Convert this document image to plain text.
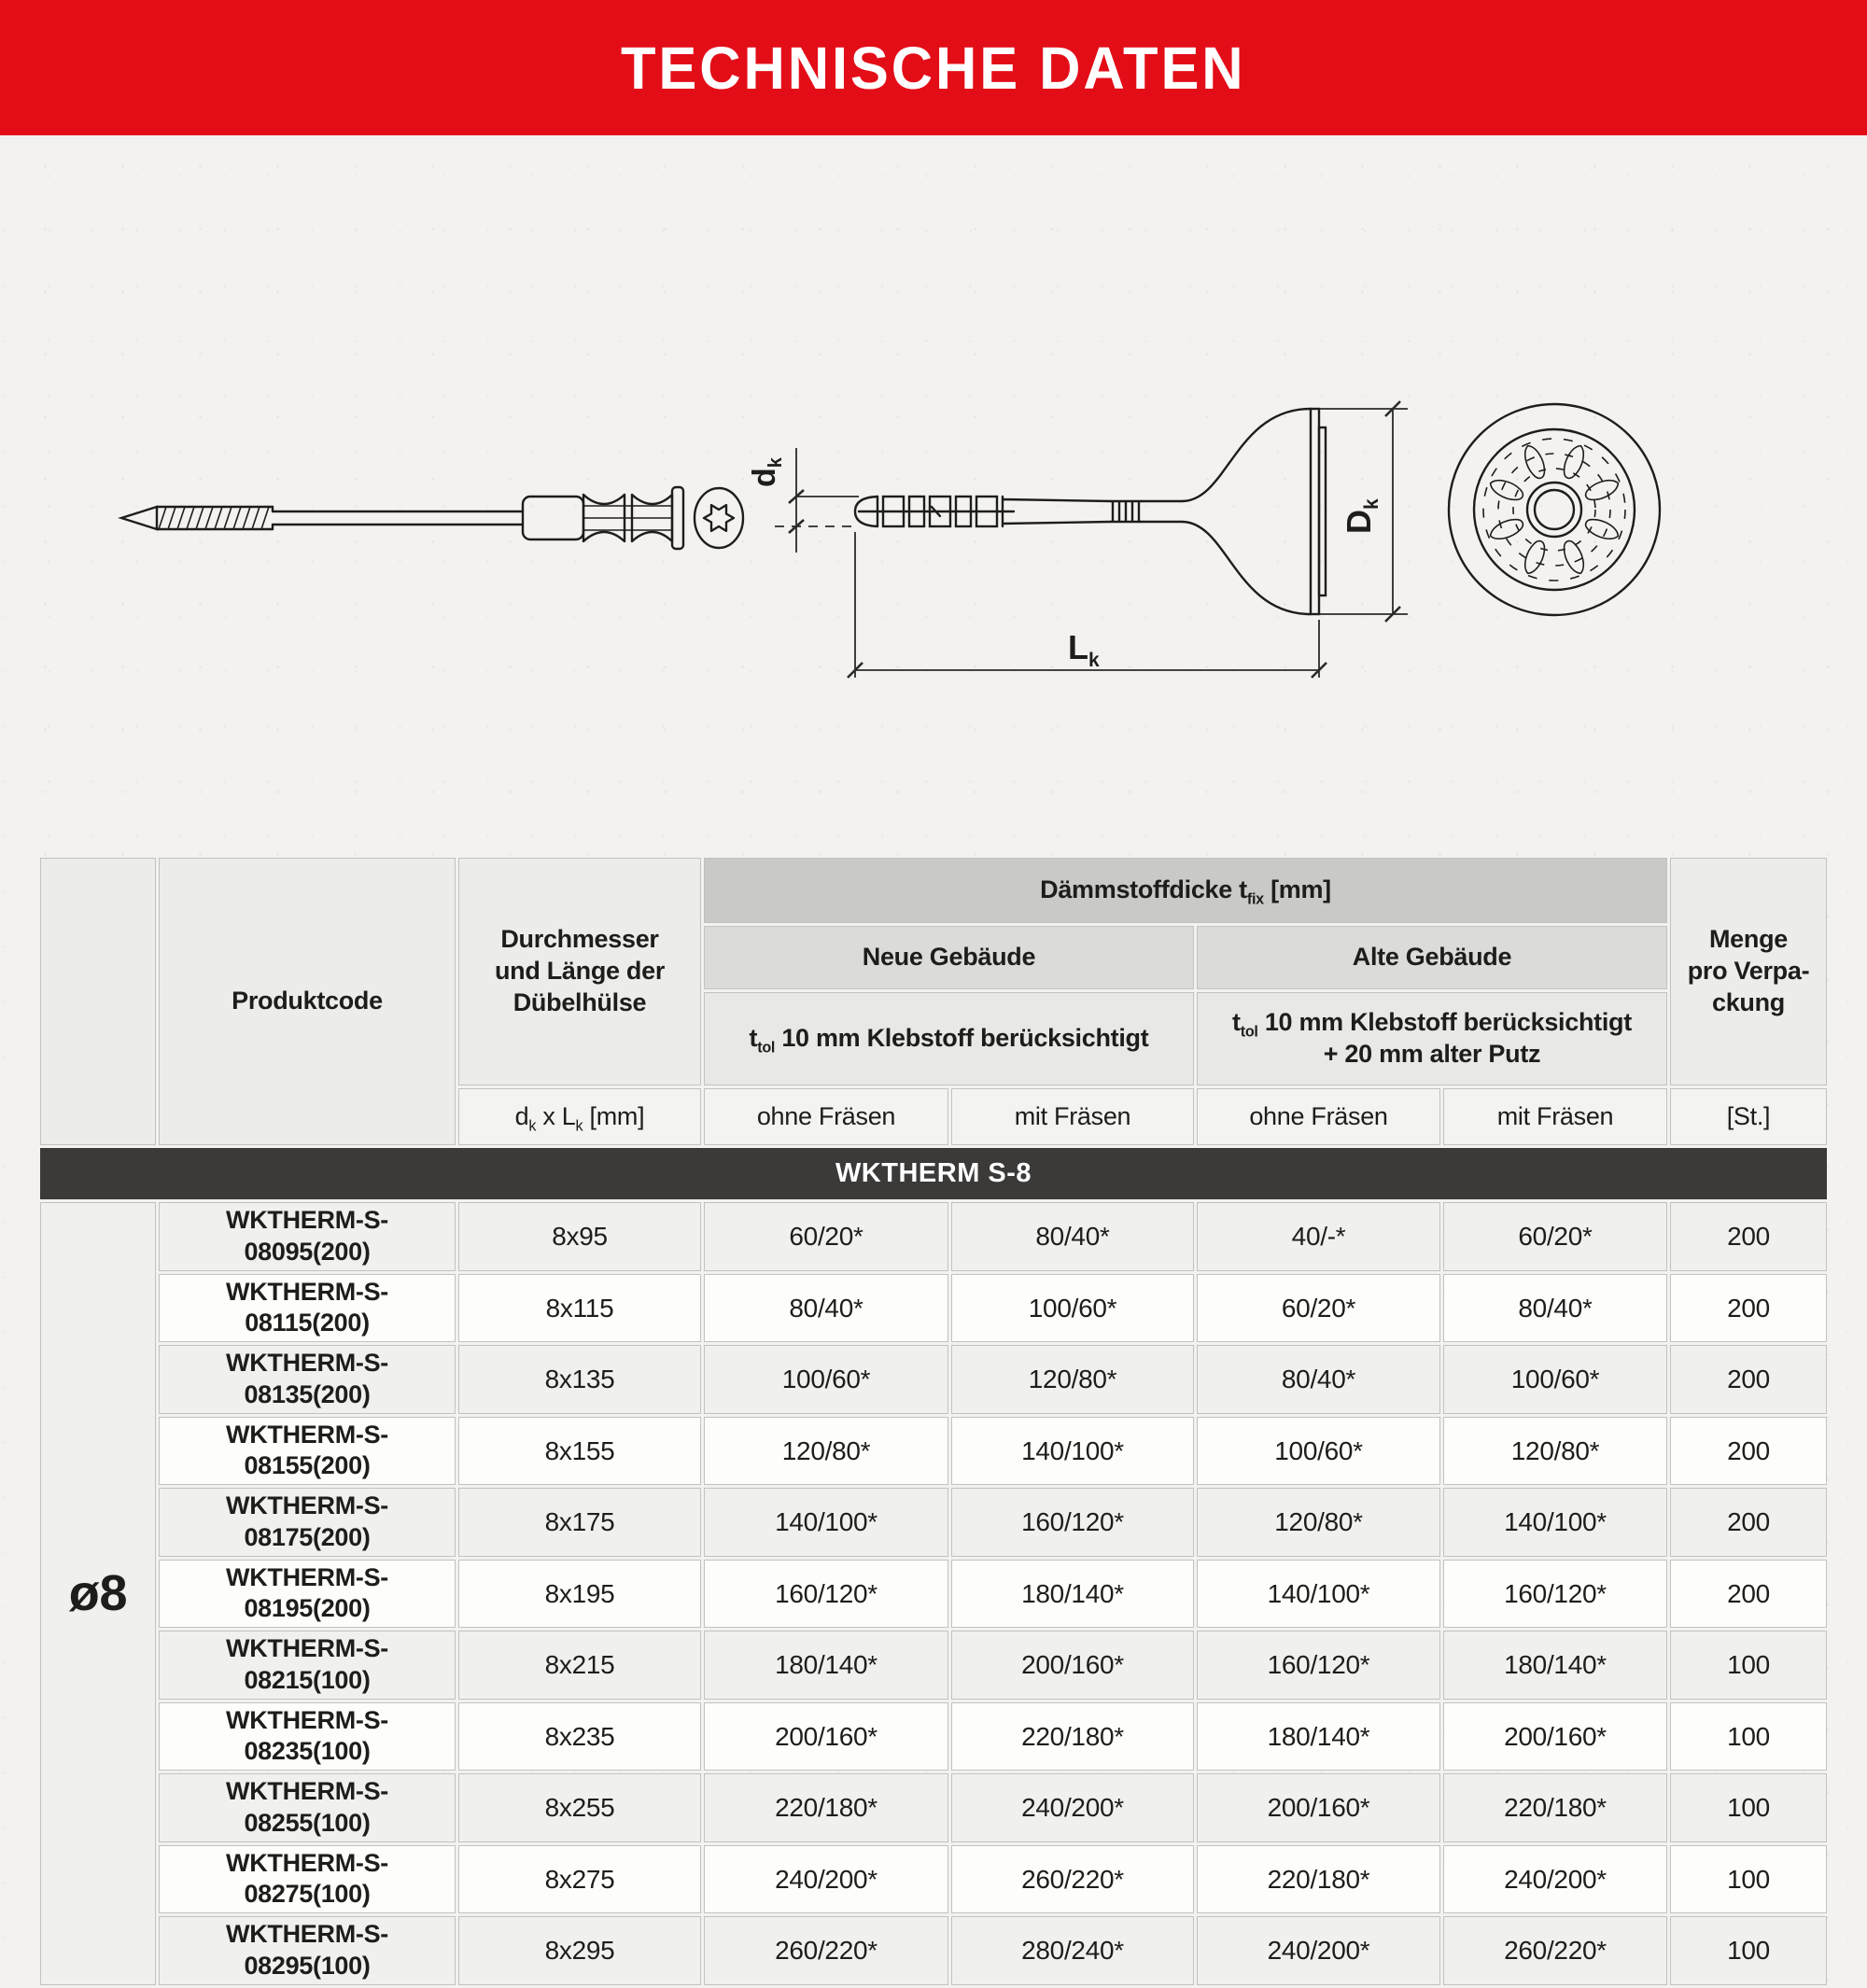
TECHNISCHE DATEN
$d_k$
$D_k$
$L_k$
	Produktcode	Durchmesser
und Länge der
Dübelhülse	Dämmstoffdicke $t_{fix}$ [mm]				Menge
pro Verpa-
ckung

			Neue Gebäude		Alte Gebäude		
			$t_{tol}$ 10 mm Klebstoff berücksichtigt		$t_{tol}$ 10 mm Klebstoff berücksichtigt
+ 20 mm alter Putz		

		$d_k$ x $L_k$ [mm]	ohne Fräsen	mit Fräsen	ohne Fräsen	mit Fräsen	[St.]
WKTHERM S-8							
ø8	WKTHERM-S-08095(200)	8x95	60/20*	80/40*	40/-*	60/20*	200
	WKTHERM-S-08115(200)	8x115	80/40*	100/60*	60/20*	80/40*	200
	WKTHERM-S-08135(200)	8x135	100/60*	120/80*	80/40*	100/60*	200
	WKTHERM-S-08155(200)	8x155	120/80*	140/100*	100/60*	120/80*	200
	WKTHERM-S-08175(200)	8x175	140/100*	160/120*	120/80*	140/100*	200
	WKTHERM-S-08195(200)	8x195	160/120*	180/140*	140/100*	160/120*	200
	WKTHERM-S-08215(100)	8x215	180/140*	200/160*	160/120*	180/140*	100
	WKTHERM-S-08235(100)	8x235	200/160*	220/180*	180/140*	200/160*	100
	WKTHERM-S-08255(100)	8x255	220/180*	240/200*	200/160*	220/180*	100
	WKTHERM-S-08275(100)	8x275	240/200*	260/220*	220/180*	240/200*	100
	WKTHERM-S-08295(100)	8x295	260/220*	280/240*	240/200*	260/220*	100
